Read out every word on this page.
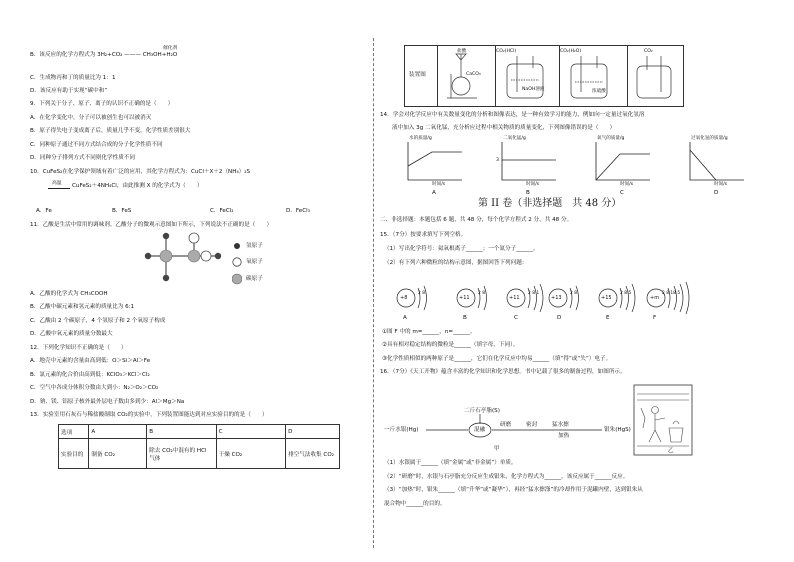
B．该反应的化学方程式为 3H₂+CO₂ ——— CH₃OH+H₂O
催化剂
C．生成物丙和丁的质量比为 1：1
D．该反应有助于实现“碳中和”
9．下列关于分子、原子、离子的认识不正确的是（　　）
A．在化学变化中，分子可以被创生也可以被消灭
B．原子得失电子变成离子后，质量几乎不变，化学性质差别很大
C．同种原子通过不同方式结合成的分子化学性质不同
D．同种分子排列方式不同则化学性质不同
10．CuFeS₂在化学保护领域有着广泛的应用，其化学方程式为：CuCl＋X＋2（NH₄）₂S
高温 CuFeS₂＋4NH₄Cl，由此推测 X 的化学式为（　　）
A．Fe	B．FeS	C．FeCl₂	D．FeCl₃
11．乙酸是生活中常用的调味剂。乙酸分子的微观示意图如下所示，下列说法不正确的是（　　）
氢原子
氧原子
碳原子
A．乙酸的化学式为 CH₃COOH
B．乙酸中碳元素和氢元素的质量比为 6:1
C．乙酸由 2 个碳原子，4 个氢原子和 2 个氧原子构成
D．乙酸中氧元素的质量分数最大
12．下列化学知识不正确的是（　　）
A．地壳中元素的含量由高到低：O＞Si＞Al＞Fe
B．氯元素的化合价由高到低：KClO₃＞KCl＞Cl₂
C．空气中各成分体积分数由大到小：N₂＞O₂＞CO₂
D．钠、镁、铝原子核外最外层电子数由多到少：Al＞Mg＞Na
13．实验室用石灰石与稀盐酸制取 CO₂的实验中，下列装置图能达到对应实验目的的是（　　）
选项	A	B	C	D
实验目的	制备 CO₂	除去 CO₂中混有的 HCl 气体	干燥 CO₂	排空气法收集 CO₂
装置图
盐酸
CaCO₃
CO₂(HCl)
NaOH溶液
CO₂(H₂O)
浓硫酸
CO₂
14．学会对化学反应中有关数量变化的分析和图像表达，是一种有效学习的能力，例如向一定量过氧化氢溶
液中加入 3g 二氧化锰，充分析应过程中相关物质的质量变化，下列图像错误的是（　　）
水的质量/g
时间/s
A
二氧化锰/g
3
时间/s
B
氧气的质量/g
时间/s
C
过氧化氢的质量/g
时间/s
D
第 II 卷（非选择题　共 48 分）
二、非选择题：本题包括 6 题，共 48 分，每个化学方程式 2 分，共 48 分。
15．（7分）按要求填写下列空格。
（1）写出化学符号：氦氧根离子______；一个氮分子______。
（2）有下列六种微粒的结构示意图，据图回答下列问题：
+8
2 8
A
+11
2 8
B
+11
2 8 1
C
+13
2 8
D
+15
2 8 5
E
+m
2 8 18 5
F
①图 F 中的 m=______，n=______。
②具有相对稳定结构的微粒是______（填字母，下同）。
③化学性质相似的两种原子是______，它们在化学反应中均易______（填“得”或“失”）电子。
16．（7分）《天工开物》蕴含丰富的化学知识和化学思想。书中记载了很多的制备过程，如图所示。
二斤石亭脂(S)
一斤水银(Hg)	混融
研磨	密封	猛水擦
加热
银朱(HgS)
甲	乙
（1）水银属于______（填“金属”或“非金属”）单质。
（2）“研磨”时，水银与石亭脂充分反应生成银朱，化学方程式为______，该反应属于______反应。
（3）“加热”时，银朱______（填“升华”或“凝华”），再经“猛水擦涤”的冷却作用于泥罐内壁，达到银朱从
混合物中______的目的。
